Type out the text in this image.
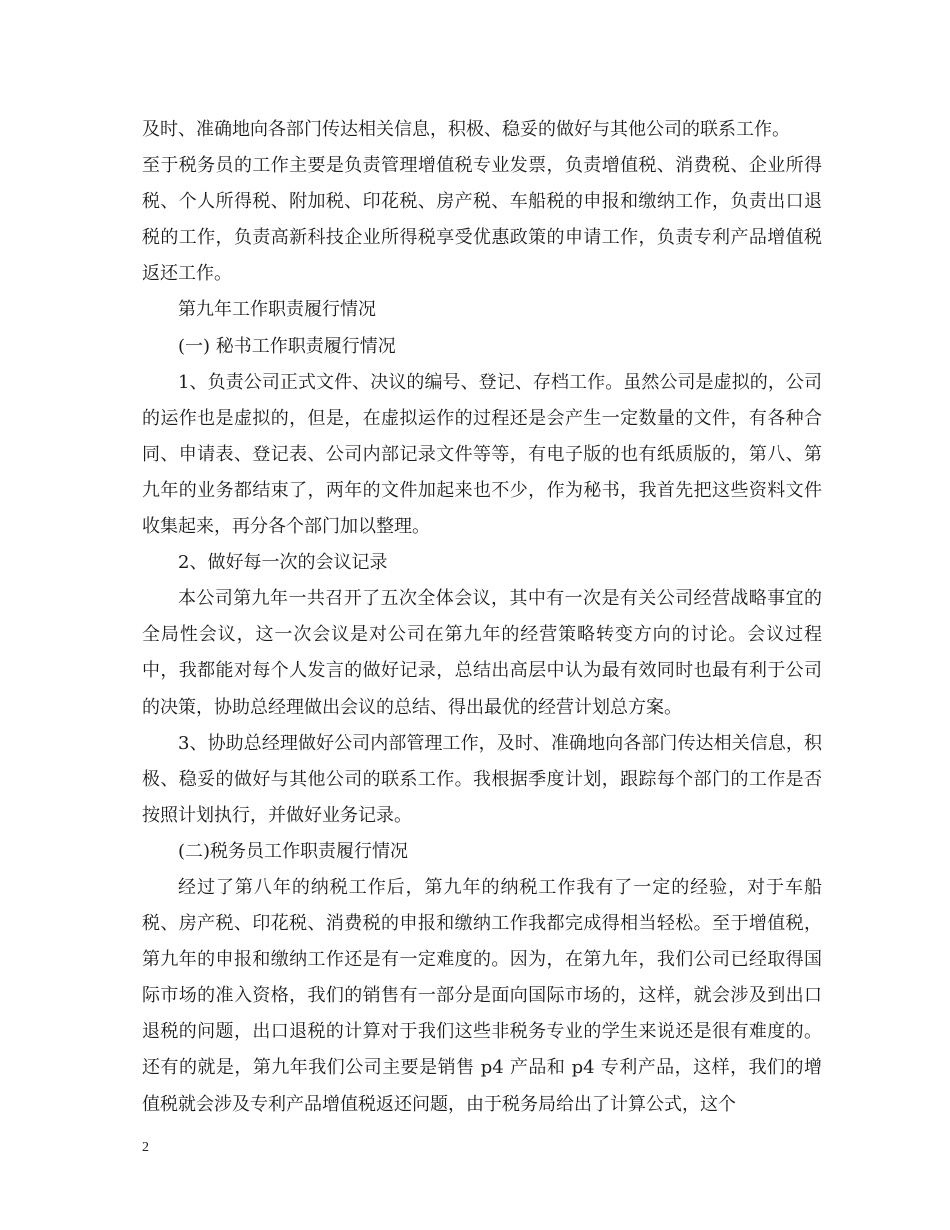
及时、准确地向各部门传达相关信息，积极、稳妥的做好与其他公司的联系工作。

至于税务员的工作主要是负责管理增值税专业发票，负责增值税、消费税、企业所得税、个人所得税、附加税、印花税、房产税、车船税的申报和缴纳工作，负责出口退税的工作，负责高新科技企业所得税享受优惠政策的申请工作，负责专利产品增值税返还工作。

第九年工作职责履行情况

(一) 秘书工作职责履行情况

1、负责公司正式文件、决议的编号、登记、存档工作。虽然公司是虚拟的，公司的运作也是虚拟的，但是，在虚拟运作的过程还是会产生一定数量的文件，有各种合同、申请表、登记表、公司内部记录文件等等，有电子版的也有纸质版的，第八、第九年的业务都结束了，两年的文件加起来也不少，作为秘书，我首先把这些资料文件收集起来，再分各个部门加以整理。

2、做好每一次的会议记录

本公司第九年一共召开了五次全体会议，其中有一次是有关公司经营战略事宜的全局性会议，这一次会议是对公司在第九年的经营策略转变方向的讨论。会议过程中，我都能对每个人发言的做好记录，总结出高层中认为最有效同时也最有利于公司的决策，协助总经理做出会议的总结、得出最优的经营计划总方案。

3、协助总经理做好公司内部管理工作，及时、准确地向各部门传达相关信息，积极、稳妥的做好与其他公司的联系工作。我根据季度计划，跟踪每个部门的工作是否按照计划执行，并做好业务记录。

(二)税务员工作职责履行情况

经过了第八年的纳税工作后，第九年的纳税工作我有了一定的经验，对于车船税、房产税、印花税、消费税的申报和缴纳工作我都完成得相当轻松。至于增值税，第九年的申报和缴纳工作还是有一定难度的。因为，在第九年，我们公司已经取得国际市场的准入资格，我们的销售有一部分是面向国际市场的，这样，就会涉及到出口退税的问题，出口退税的计算对于我们这些非税务专业的学生来说还是很有难度的。还有的就是，第九年我们公司主要是销售 p4 产品和 p4 专利产品，这样，我们的增值税就会涉及专利产品增值税返还问题，由于税务局给出了计算公式，这个

2
